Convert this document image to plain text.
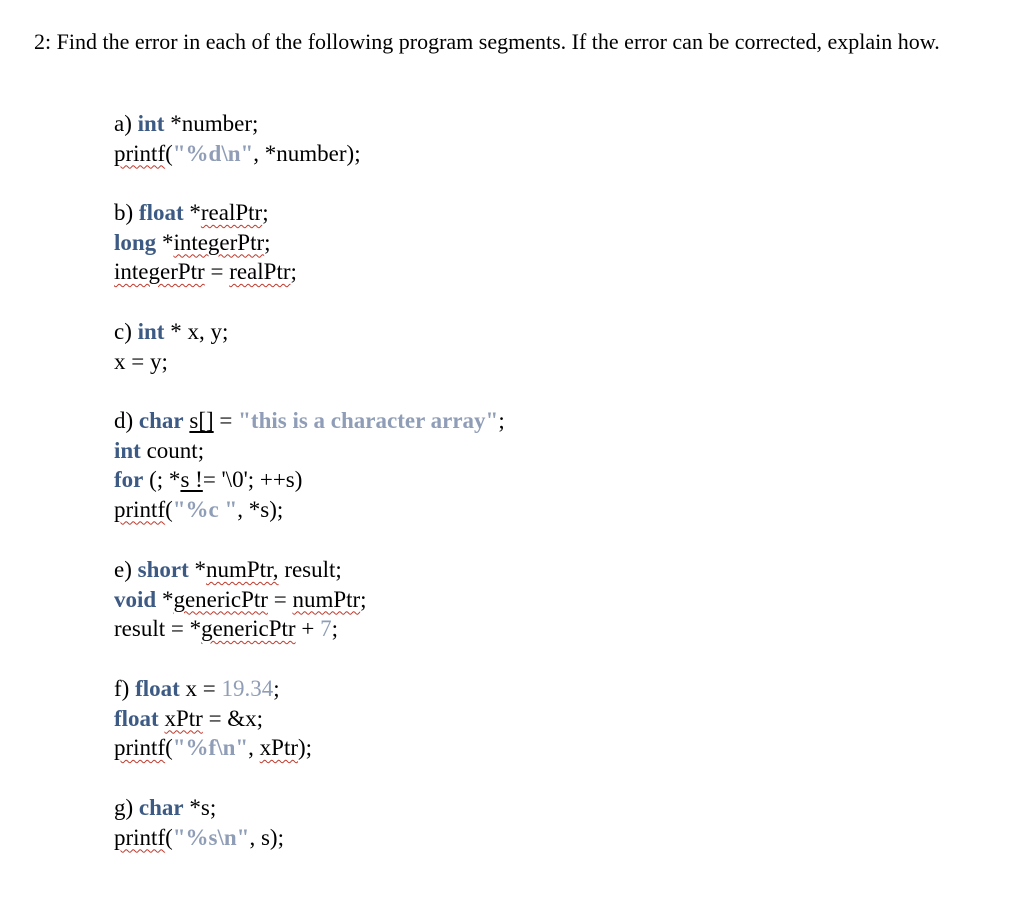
2: Find the error in each of the following program segments. If the error can be corrected, explain how.
a) int *number;
printf("%d\n", *number);
b) float *realPtr;
long *integerPtr;
integerPtr = realPtr;
c) int * x, y;
x = y;
d) char s[] = "this is a character array";
int count;
for (; *s != '\0'; ++s)
printf("%c ", *s);
e) short *numPtr, result;
void *genericPtr = numPtr;
result = *genericPtr + 7;
f) float x = 19.34;
float xPtr = &x;
printf("%f\n", xPtr);
g) char *s;
printf("%s\n", s);
